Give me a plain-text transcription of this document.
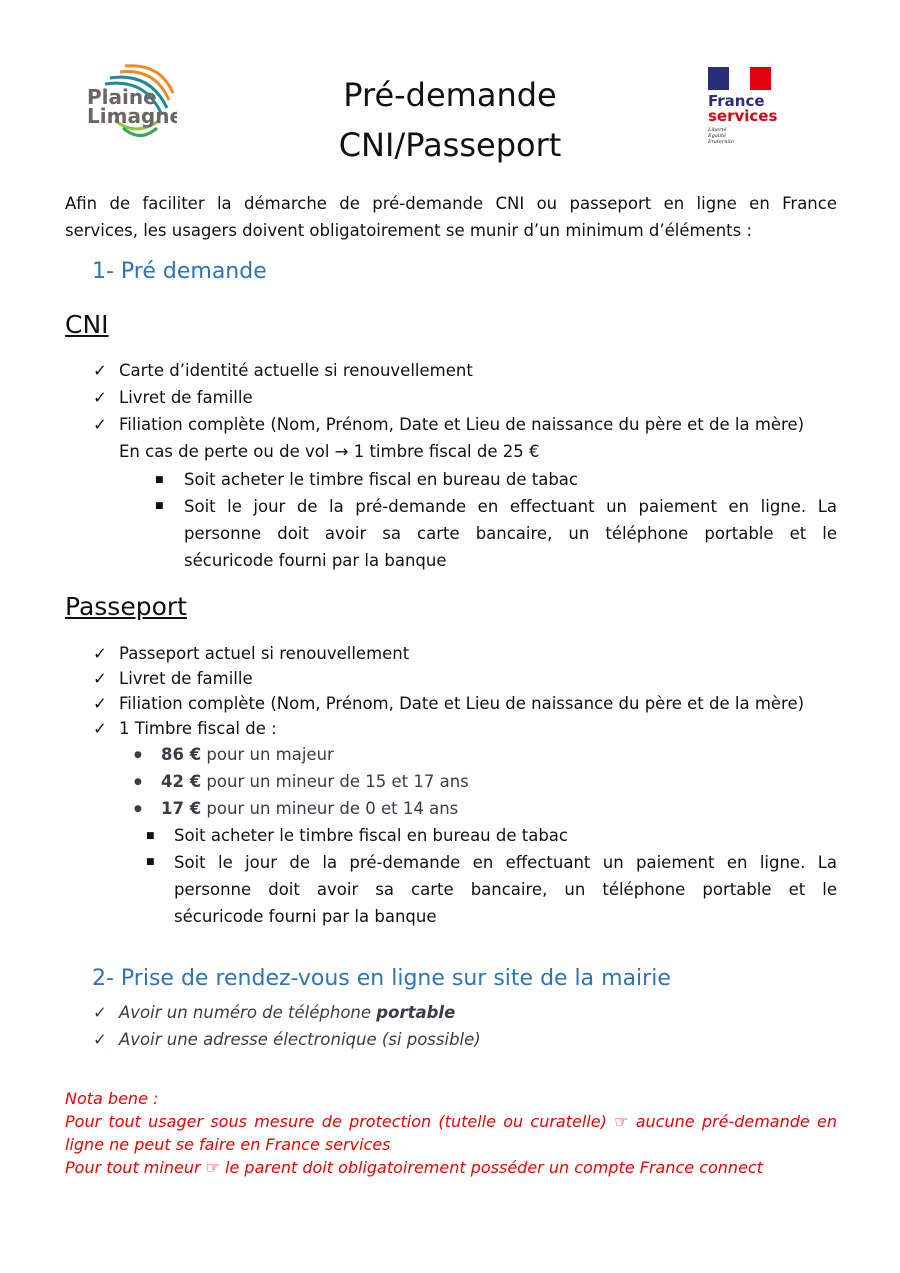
Plaine
Limagne
France
services
Liberté
Égalité
Fraternité
Pré-demande
CNI/Passeport
Afin de faciliter la démarche de pré-demande CNI ou passeport en ligne en France
services, les usagers doivent obligatoirement se munir d’un minimum d’éléments :
1- Pré demande
CNI
✓ Carte d’identité actuelle si renouvellement
✓ Livret de famille
✓ Filiation complète (Nom, Prénom, Date et Lieu de naissance du père et de la mère)
En cas de perte ou de vol → 1 timbre fiscal de 25 €
■ Soit acheter le timbre fiscal en bureau de tabac
■ Soit le jour de la pré-demande en effectuant un paiement en ligne. La
personne doit avoir sa carte bancaire, un téléphone portable et le
sécuricode fourni par la banque
Passeport
✓ Passeport actuel si renouvellement
✓ Livret de famille
✓ Filiation complète (Nom, Prénom, Date et Lieu de naissance du père et de la mère)
✓ 1 Timbre fiscal de :
● 86 € pour un majeur
● 42 € pour un mineur de 15 et 17 ans
● 17 € pour un mineur de 0 et 14 ans
■ Soit acheter le timbre fiscal en bureau de tabac
■ Soit le jour de la pré-demande en effectuant un paiement en ligne. La
personne doit avoir sa carte bancaire, un téléphone portable et le
sécuricode fourni par la banque
2- Prise de rendez-vous en ligne sur site de la mairie
✓ Avoir un numéro de téléphone portable
✓ Avoir une adresse électronique (si possible)
Nota bene :
Pour tout usager sous mesure de protection (tutelle ou curatelle) ☞ aucune pré-demande en
ligne ne peut se faire en France services
Pour tout mineur ☞ le parent doit obligatoirement posséder un compte France connect
